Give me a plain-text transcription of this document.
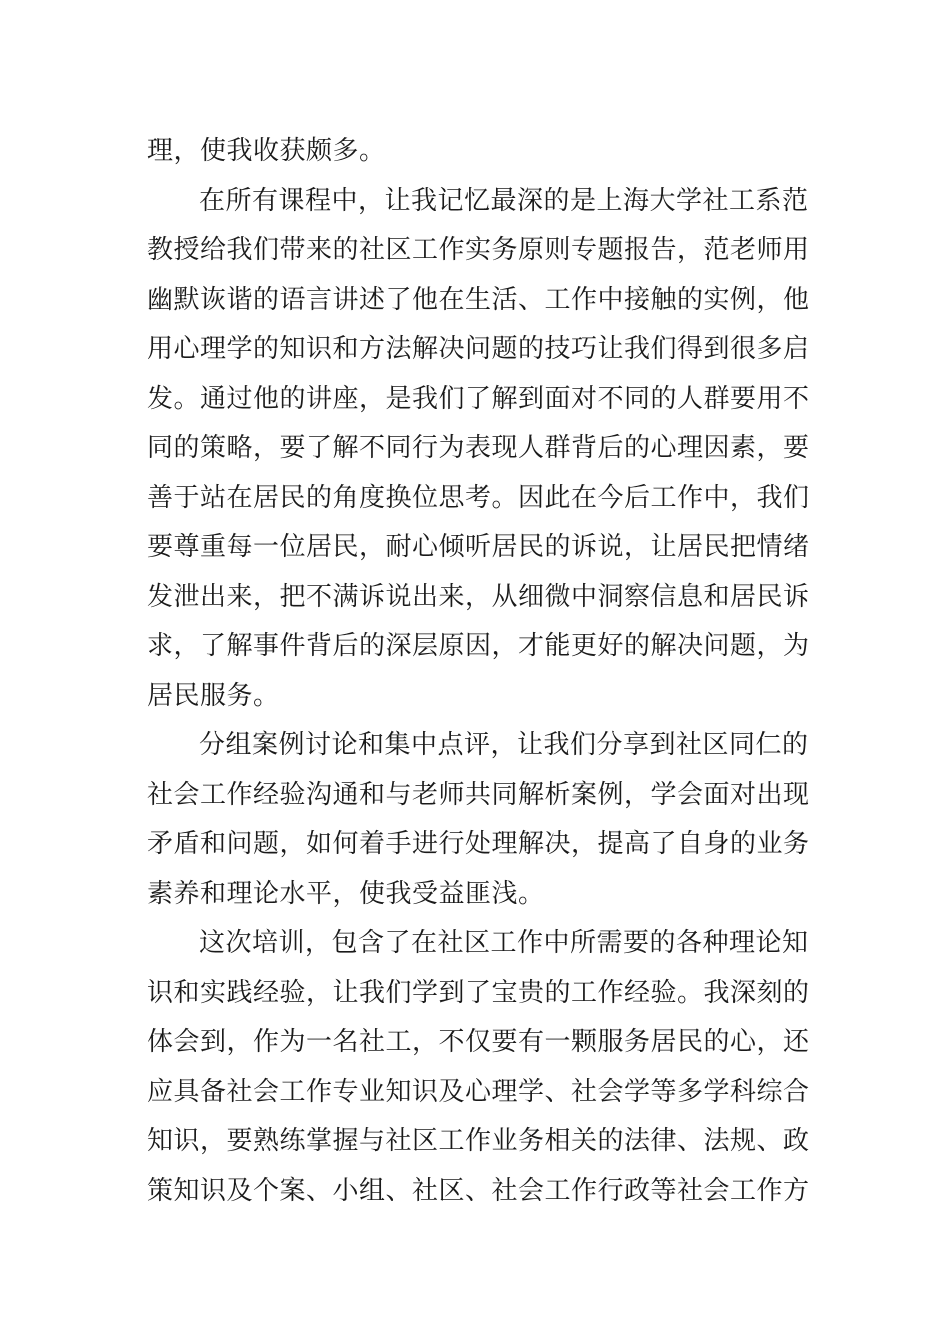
理，使我收获颇多。
在所有课程中，让我记忆最深的是上海大学社工系范
教授给我们带来的社区工作实务原则专题报告，范老师用
幽默诙谐的语言讲述了他在生活、工作中接触的实例，他
用心理学的知识和方法解决问题的技巧让我们得到很多启
发。通过他的讲座，是我们了解到面对不同的人群要用不
同的策略，要了解不同行为表现人群背后的心理因素，要
善于站在居民的角度换位思考。因此在今后工作中，我们
要尊重每一位居民，耐心倾听居民的诉说，让居民把情绪
发泄出来，把不满诉说出来，从细微中洞察信息和居民诉
求，了解事件背后的深层原因，才能更好的解决问题，为
居民服务。
分组案例讨论和集中点评，让我们分享到社区同仁的
社会工作经验沟通和与老师共同解析案例，学会面对出现
矛盾和问题，如何着手进行处理解决，提高了自身的业务
素养和理论水平，使我受益匪浅。
这次培训，包含了在社区工作中所需要的各种理论知
识和实践经验，让我们学到了宝贵的工作经验。我深刻的
体会到，作为一名社工，不仅要有一颗服务居民的心，还
应具备社会工作专业知识及心理学、社会学等多学科综合
知识，要熟练掌握与社区工作业务相关的法律、法规、政
策知识及个案、小组、社区、社会工作行政等社会工作方
